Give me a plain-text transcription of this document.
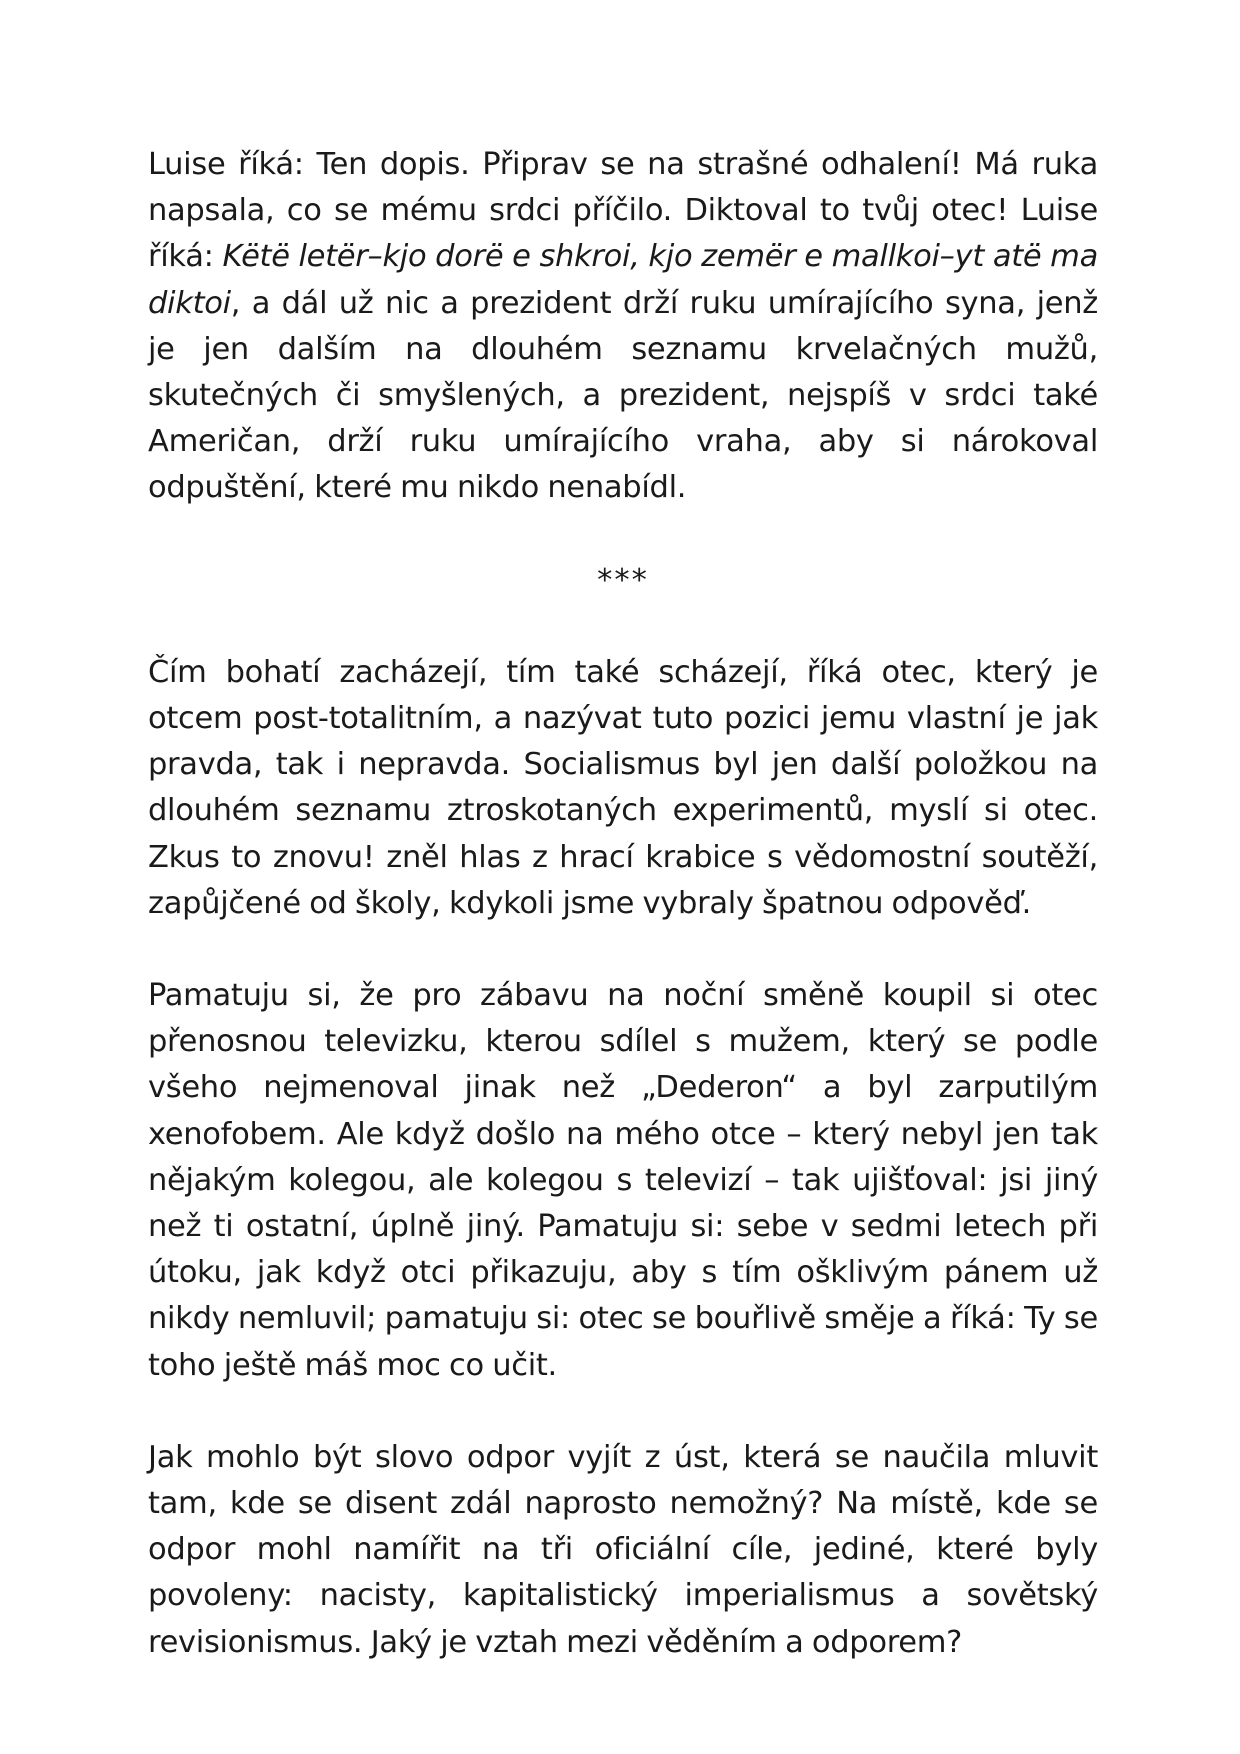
Luise říká: Ten dopis. Připrav se na strašné odhalení! Má ruka napsala, co se mému srdci příčilo. Diktoval to tvůj otec! Luise říká: Këtë letër–kjo dorë e shkroi, kjo zemër e mallkoi–yt atë ma diktoi, a dál už nic a prezident drží ruku umírajícího syna, jenž je jen dalším na dlouhém seznamu krvelačných mužů, skutečných či smyšlených, a prezident, nejspíš v srdci také Američan, drží ruku umírajícího vraha, aby si nárokoval odpuštění, které mu nikdo nenabídl.

***

Čím bohatí zacházejí, tím také scházejí, říká otec, který je otcem post-totalitním, a nazývat tuto pozici jemu vlastní je jak pravda, tak i nepravda. Socialismus byl jen další položkou na dlouhém seznamu ztroskotaných experimentů, myslí si otec. Zkus to znovu! zněl hlas z hrací krabice s vědomostní soutěží, zapůjčené od školy, kdykoli jsme vybraly špatnou odpověď.

Pamatuju si, že pro zábavu na noční směně koupil si otec přenosnou televizku, kterou sdílel s mužem, který se podle všeho nejmenoval jinak než „Dederon“ a byl zarputilým xenofobem. Ale když došlo na mého otce – který nebyl jen tak nějakým kolegou, ale kolegou s televizí – tak ujišťoval: jsi jiný než ti ostatní, úplně jiný. Pamatuju si: sebe v sedmi letech při útoku, jak když otci přikazuju, aby s tím ošklivým pánem už nikdy nemluvil; pamatuju si: otec se bouřlivě směje a říká: Ty se toho ještě máš moc co učit.

Jak mohlo být slovo odpor vyjít z úst, která se naučila mluvit tam, kde se disent zdál naprosto nemožný? Na místě, kde se odpor mohl namířit na tři oficiální cíle, jediné, které byly povoleny: nacisty, kapitalistický imperialismus a sovětský revisionismus. Jaký je vztah mezi věděním a odporem?
